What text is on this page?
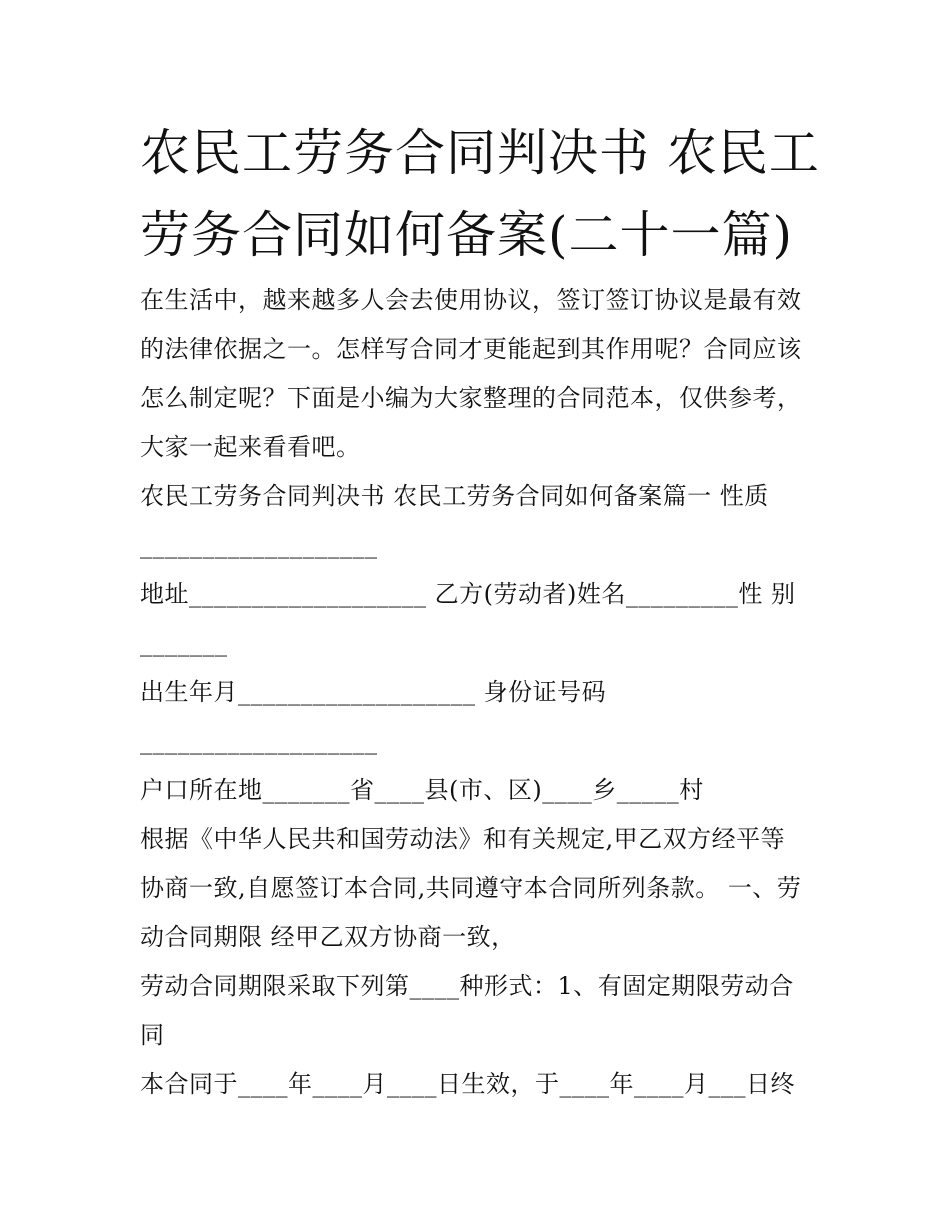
农民工劳务合同判决书 农民工
劳务合同如何备案(二十一篇)
在生活中，越来越多人会去使用协议，签订签订协议是最有效
的法律依据之一。怎样写合同才更能起到其作用呢？合同应该
怎么制定呢？下面是小编为大家整理的合同范本，仅供参考，
大家一起来看看吧。
农民工劳务合同判决书 农民工劳务合同如何备案篇一 性质
___________________
地址___________________ 乙方(劳动者)姓名_________性 别
_______
出生年月___________________ 身份证号码
___________________
户口所在地_______省____县(市、区)____乡_____村
根据《中华人民共和国劳动法》和有关规定,甲乙双方经平等
协商一致,自愿签订本合同,共同遵守本合同所列条款。 一、劳
动合同期限 经甲乙双方协商一致，
劳动合同期限采取下列第____种形式：1、有固定期限劳动合
同
本合同于____年____月____日生效，于____年____月___日终
